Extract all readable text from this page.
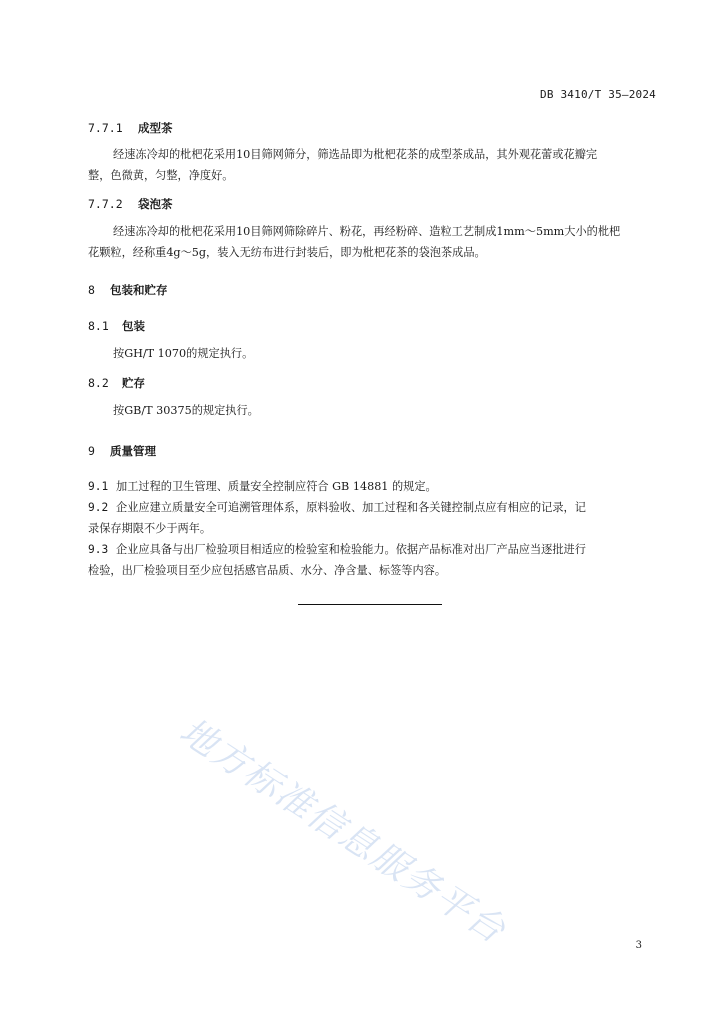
DB 3410/T 35—2024
7.7.1 成型茶
经速冻冷却的枇杷花采用10目筛网筛分，筛选品即为枇杷花茶的成型茶成品，其外观花蕾或花瓣完
整，色微黄，匀整，净度好。
7.7.2 袋泡茶
经速冻冷却的枇杷花采用10目筛网筛除碎片、粉花，再经粉碎、造粒工艺制成1mm～5mm大小的枇杷
花颗粒，经称重4g～5g，装入无纺布进行封装后，即为枇杷花茶的袋泡茶成品。
8 包装和贮存
8.1 包装
按GH/T 1070的规定执行。
8.2 贮存
按GB/T 30375的规定执行。
9 质量管理
9.1 加工过程的卫生管理、质量安全控制应符合 GB 14881 的规定。
9.2 企业应建立质量安全可追溯管理体系，原料验收、加工过程和各关键控制点应有相应的记录，记
录保存期限不少于两年。
9.3 企业应具备与出厂检验项目相适应的检验室和检验能力。依据产品标准对出厂产品应当逐批进行
检验，出厂检验项目至少应包括感官品质、水分、净含量、标签等内容。
地方标准信息服务平台	3
